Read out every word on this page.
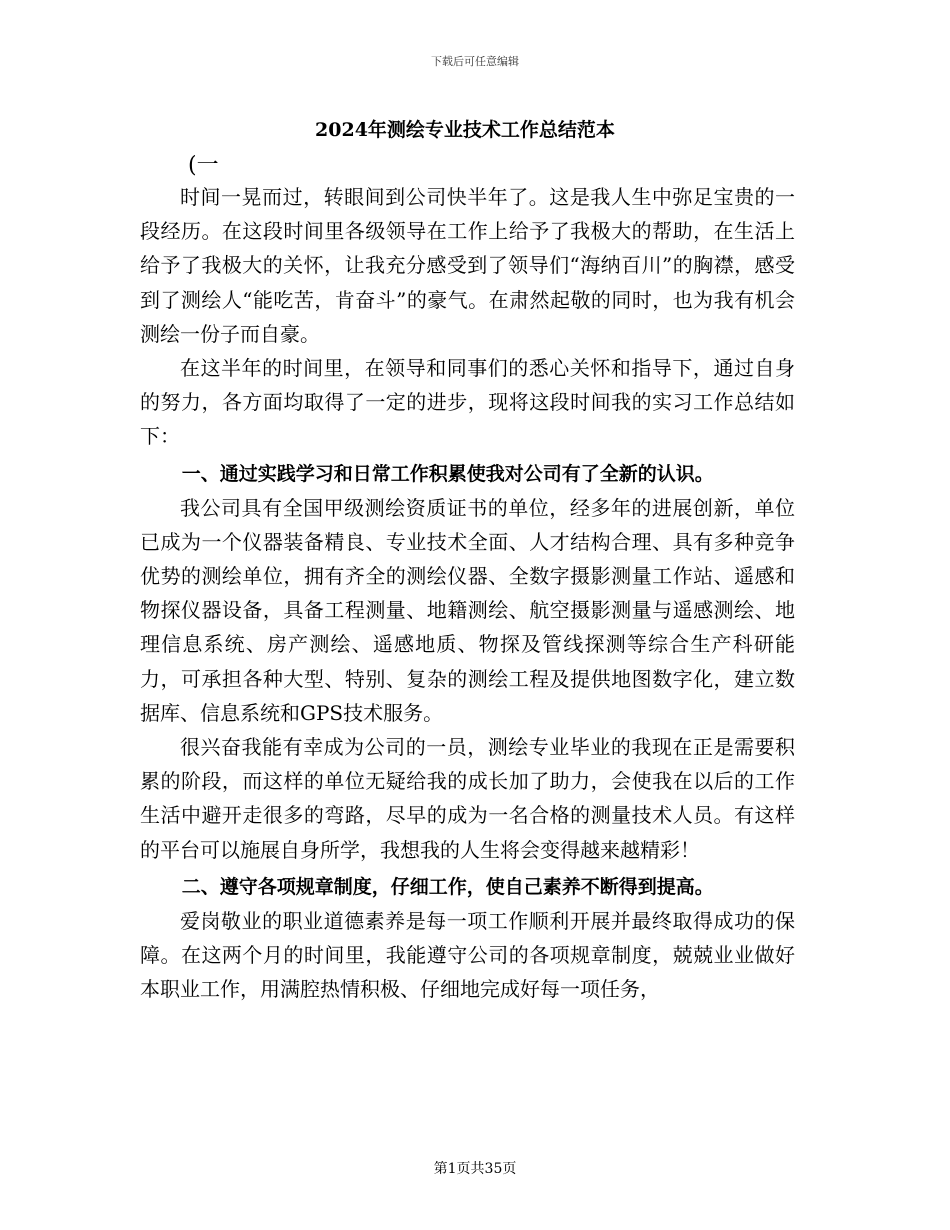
下载后可任意编辑
2024年测绘专业技术工作总结范本
(一

时间一晃而过，转眼间到公司快半年了。这是我人生中弥足宝贵的一段经历。在这段时间里各级领导在工作上给予了我极大的帮助，在生活上给予了我极大的关怀，让我充分感受到了领导们“海纳百川”的胸襟，感受到了测绘人“能吃苦，肯奋斗”的豪气。在肃然起敬的同时，也为我有机会测绘一份子而自豪。

在这半年的时间里，在领导和同事们的悉心关怀和指导下，通过自身的努力，各方面均取得了一定的进步，现将这段时间我的实习工作总结如下：

一、通过实践学习和日常工作积累使我对公司有了全新的认识。

我公司具有全国甲级测绘资质证书的单位，经多年的进展创新，单位已成为一个仪器装备精良、专业技术全面、人才结构合理、具有多种竞争优势的测绘单位，拥有齐全的测绘仪器、全数字摄影测量工作站、遥感和物探仪器设备，具备工程测量、地籍测绘、航空摄影测量与遥感测绘、地理信息系统、房产测绘、遥感地质、物探及管线探测等综合生产科研能力，可承担各种大型、特别、复杂的测绘工程及提供地图数字化，建立数据库、信息系统和GPS技术服务。

很兴奋我能有幸成为公司的一员，测绘专业毕业的我现在正是需要积累的阶段，而这样的单位无疑给我的成长加了助力，会使我在以后的工作生活中避开走很多的弯路，尽早的成为一名合格的测量技术人员。有这样的平台可以施展自身所学，我想我的人生将会变得越来越精彩！

二、遵守各项规章制度，仔细工作，使自己素养不断得到提高。

爱岗敬业的职业道德素养是每一项工作顺利开展并最终取得成功的保障。在这两个月的时间里，我能遵守公司的各项规章制度，兢兢业业做好本职业工作，用满腔热情积极、仔细地完成好每一项任务，

第1页共35页
